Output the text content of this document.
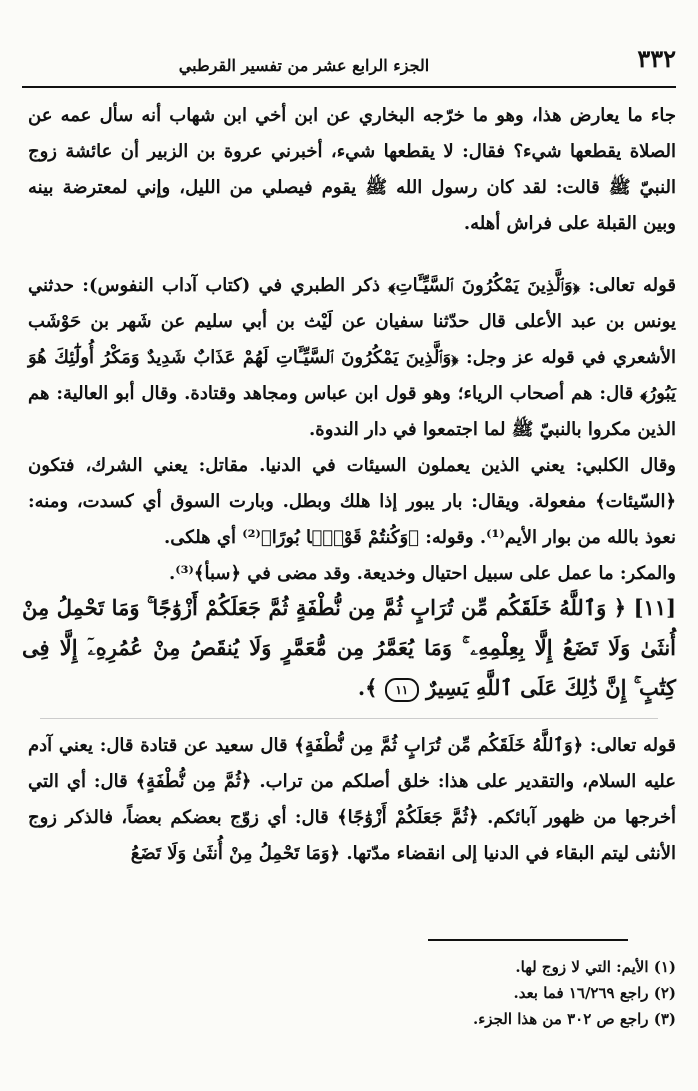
٣٣٢
الجزء الرابع عشر من تفسير القرطبي

جاء ما يعارض هذا، وهو ما خرّجه البخاري عن ابن أخي ابن شهاب أنه سأل عمه عن الصلاة يقطعها شيء؟ فقال: لا يقطعها شيء، أخبرني عروة بن الزبير أن عائشة زوج النبيّ ﷺ قالت: لقد كان رسول الله ﷺ يقوم فيصلي من الليل، وإني لمعترضة بينه وبين القبلة على فراش أهله.

قوله تعالى: ﴿وَٱلَّذِينَ يَمْكُرُونَ ٱلسَّيِّـَٔاتِ﴾ ذكر الطبري في (كتاب آداب النفوس): حدثني يونس بن عبد الأعلى قال حدّثنا سفيان عن لَيْث بن أبي سليم عن شَهر بن حَوْشَب الأشعري في قوله عز وجل: ﴿وَٱلَّذِينَ يَمْكُرُونَ ٱلسَّيِّـَٔاتِ لَهُمْ عَذَابٌ شَدِيدٌ وَمَكْرُ أُولَٰٓئِكَ هُوَ يَبُورُ﴾ قال: هم أصحاب الرياء؛ وهو قول ابن عباس ومجاهد وقتادة. وقال أبو العالية: هم الذين مكروا بالنبيّ ﷺ لما اجتمعوا في دار الندوة.

وقال الكلبي: يعني الذين يعملون السيئات في الدنيا. مقاتل: يعني الشرك، فتكون ﴿السّيئات﴾ مفعولة. ويقال: بار يبور إذا هلك وبطل. وبارت السوق أي كسدت، ومنه: نعوذ بالله من بوار الأيم⁽¹⁾. وقوله: ﴿وَكُنتُمْ قَوْمًۢا بُورًا﴾⁽²⁾ أي هلكى.

والمكر: ما عمل على سبيل احتيال وخديعة. وقد مضى في ﴿سبأ﴾⁽³⁾.

[١١] ﴿ وَٱللَّهُ خَلَقَكُم مِّن تُرَابٍ ثُمَّ مِن نُّطْفَةٍ ثُمَّ جَعَلَكُمْ أَزْوَٰجًا ۚ وَمَا تَحْمِلُ مِنْ أُنثَىٰ وَلَا تَضَعُ إِلَّا بِعِلْمِهِۦ ۚ وَمَا يُعَمَّرُ مِن مُّعَمَّرٍ وَلَا يُنقَصُ مِنْ عُمُرِهِۦٓ إِلَّا فِى كِتَٰبٍ ۚ إِنَّ ذَٰلِكَ عَلَى ٱللَّهِ يَسِيرٌ ١١ ﴾.

قوله تعالى: ﴿وَٱللَّهُ خَلَقَكُم مِّن تُرَابٍ ثُمَّ مِن نُّطْفَةٍ﴾ قال سعيد عن قتادة قال: يعني آدم عليه السلام، والتقدير على هذا: خلق أصلكم من تراب. ﴿ثُمَّ مِن نُّطْفَةٍ﴾ قال: أي التي أخرجها من ظهور آبائكم. ﴿ثُمَّ جَعَلَكُمْ أَزْوَٰجًا﴾ قال: أي زوّج بعضكم بعضاً، فالذكر زوج الأنثى ليتم البقاء في الدنيا إلى انقضاء مدّتها. ﴿وَمَا تَحْمِلُ مِنْ أُنثَىٰ وَلَا تَضَعُ

(١) الأيم: التي لا زوج لها.
(٢) راجع ١٦/٢٦٩ فما بعد.
(٣) راجع ص ٣٠٢ من هذا الجزء.
